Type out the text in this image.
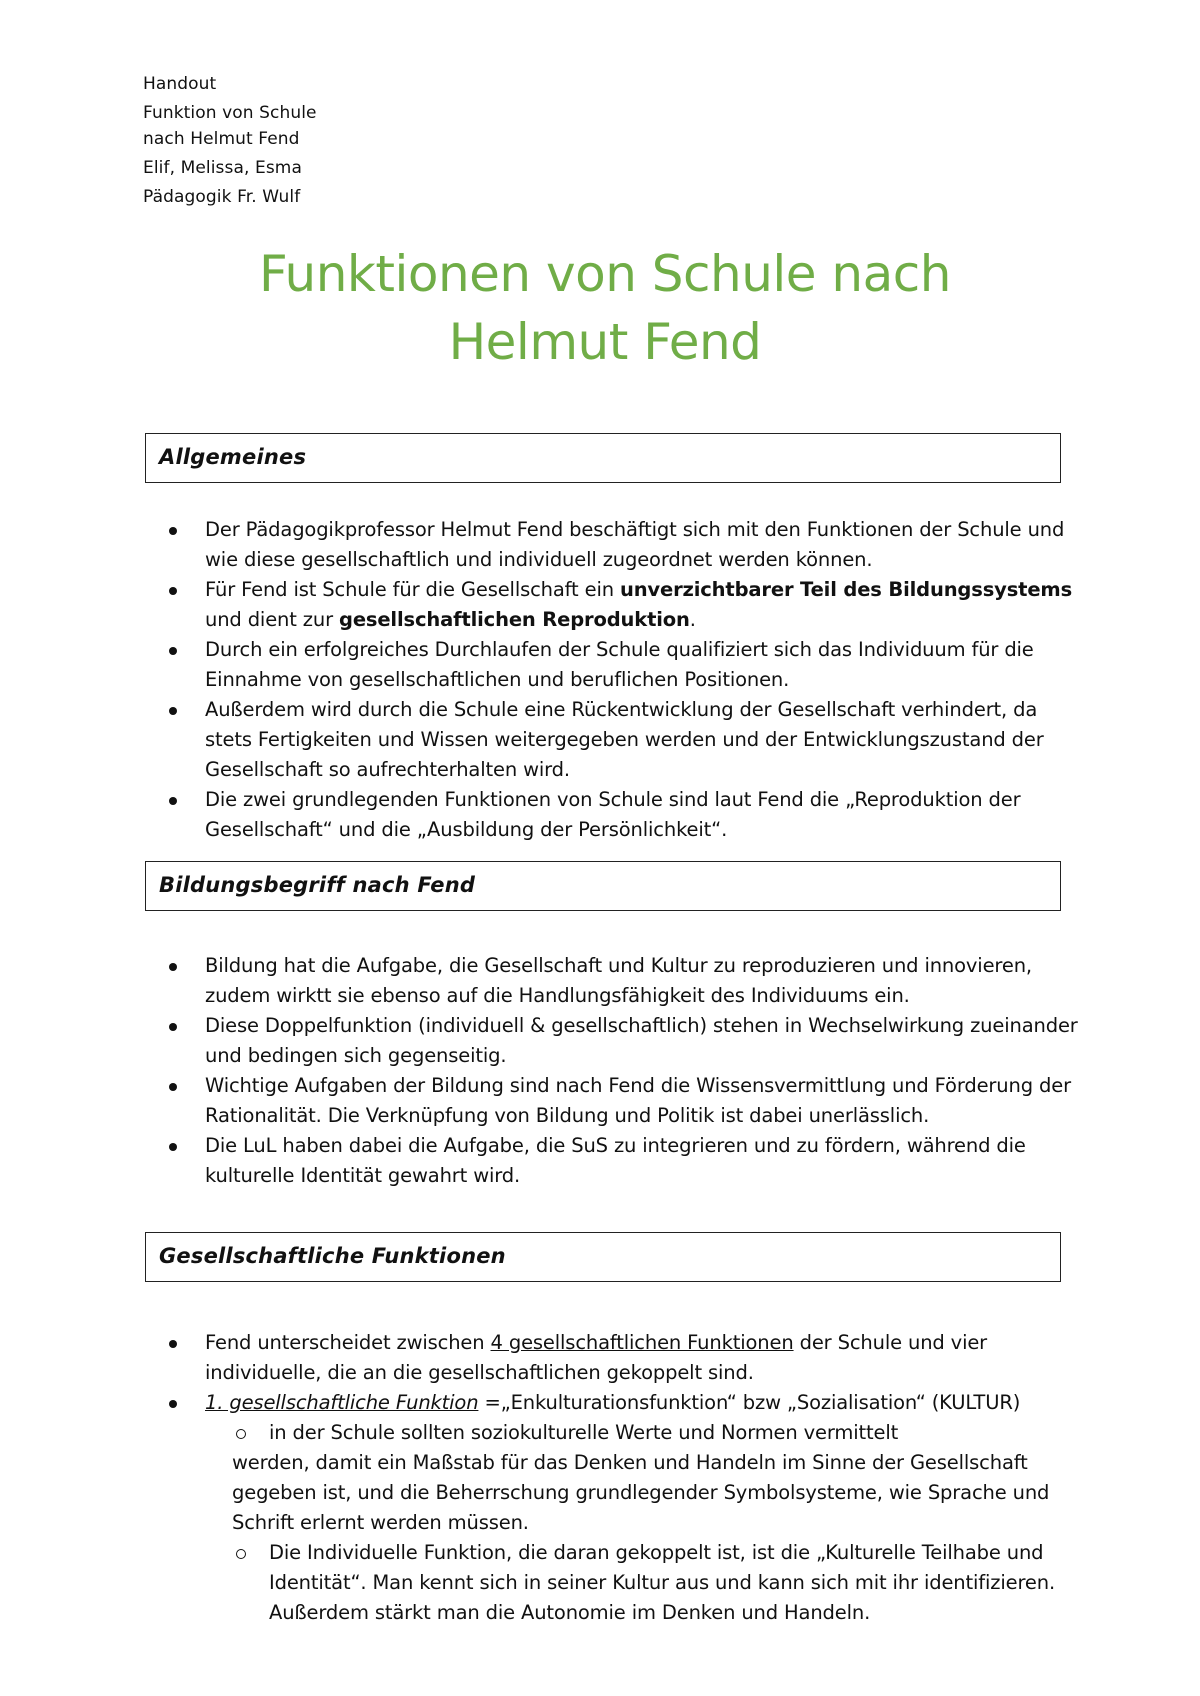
Handout
Funktion von Schule
nach Helmut Fend
Elif, Melissa, Esma
Pädagogik Fr. Wulf
Funktionen von Schule nach
Helmut Fend
Allgemeines
Der Pädagogikprofessor Helmut Fend beschäftigt sich mit den Funktionen der Schule und wie diese gesellschaftlich und individuell zugeordnet werden können.
Für Fend ist Schule für die Gesellschaft ein unverzichtbarer Teil des Bildungssystems und dient zur gesellschaftlichen Reproduktion.
Durch ein erfolgreiches Durchlaufen der Schule qualifiziert sich das Individuum für die Einnahme von gesellschaftlichen und beruflichen Positionen.
Außerdem wird durch die Schule eine Rückentwicklung der Gesellschaft verhindert, da stets Fertigkeiten und Wissen weitergegeben werden und der Entwicklungszustand der Gesellschaft so aufrechterhalten wird.
Die zwei grundlegenden Funktionen von Schule sind laut Fend die „Reproduktion der Gesellschaft“ und die „Ausbildung der Persönlichkeit“.
Bildungsbegriff nach Fend
Bildung hat die Aufgabe, die Gesellschaft und Kultur zu reproduzieren und innovieren, zudem wirktt sie ebenso auf die Handlungsfähigkeit des Individuums ein.
Diese Doppelfunktion (individuell & gesellschaftlich) stehen in Wechselwirkung zueinander und bedingen sich gegenseitig.
Wichtige Aufgaben der Bildung sind nach Fend die Wissensvermittlung und Förderung der Rationalität. Die Verknüpfung von Bildung und Politik ist dabei unerlässlich.
Die LuL haben dabei die Aufgabe, die SuS zu integrieren und zu fördern, während die kulturelle Identität gewahrt wird.
Gesellschaftliche Funktionen
Fend unterscheidet zwischen 4 gesellschaftlichen Funktionen der Schule und vier individuelle, die an die gesellschaftlichen gekoppelt sind.
1. gesellschaftliche Funktion =„Enkulturationsfunktion“ bzw „Sozialisation“ (KULTUR)
in der Schule sollten soziokulturelle Werte und Normen vermittelt
werden, damit ein Maßstab für das Denken und Handeln im Sinne der Gesellschaft gegeben ist, und die Beherrschung grundlegender Symbolsysteme, wie Sprache und Schrift erlernt werden müssen.
Die Individuelle Funktion, die daran gekoppelt ist, ist die „Kulturelle Teilhabe und Identität“. Man kennt sich in seiner Kultur aus und kann sich mit ihr identifizieren. Außerdem stärkt man die Autonomie im Denken und Handeln.
